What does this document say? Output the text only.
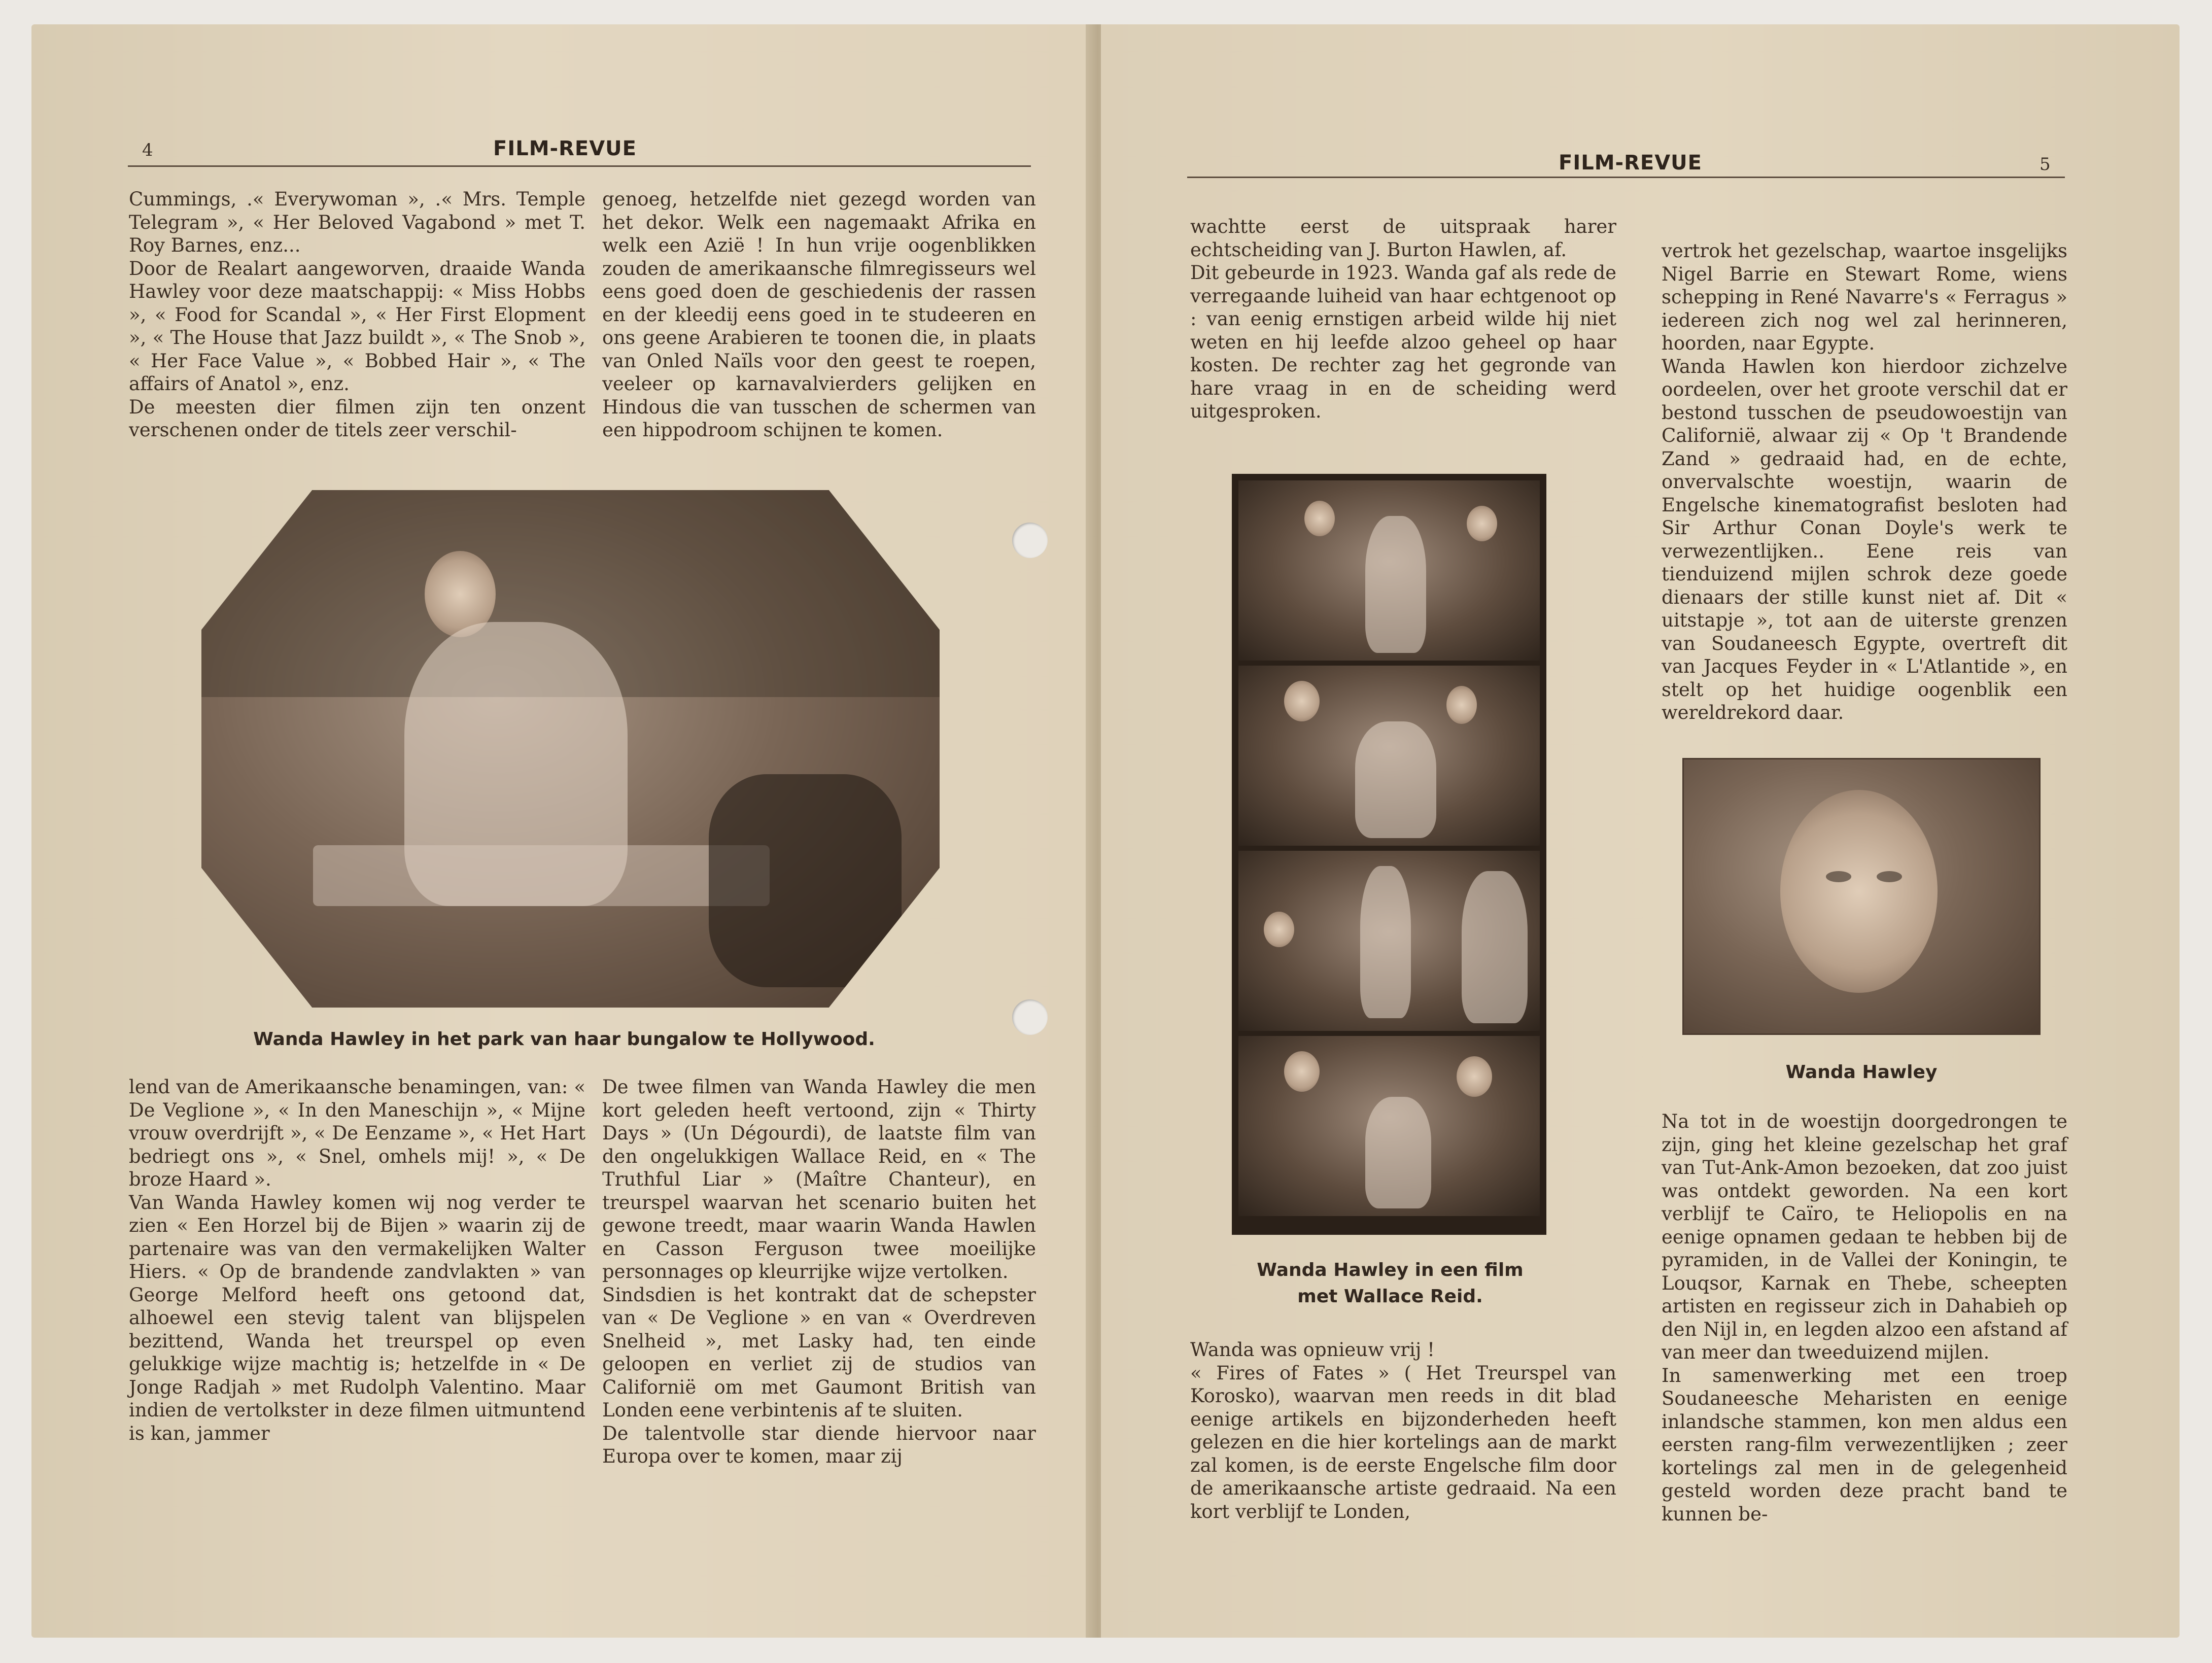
4	FILM-REVUE

Cummings, .« Everywoman », .« Mrs. Temple Telegram », « Her Beloved Vagabond » met T. Roy Barnes, enz...
Door de Realart aangeworven, draaide Wanda Hawley voor deze maatschappij: « Miss Hobbs », « Food for Scandal », « Her First Elopment », « The House that Jazz buildt », « The Snob », « Her Face Value », « Bobbed Hair », « The affairs of Anatol », enz.
De meesten dier filmen zijn ten onzent verschenen onder de titels zeer verschil-

genoeg, hetzelfde niet gezegd worden van het dekor. Welk een nagemaakt Afrika en welk een Azië ! In hun vrije oogenblikken zouden de amerikaansche filmregisseurs wel eens goed doen de geschiedenis der rassen en der kleedij eens goed in te studeeren en ons geene Arabieren te toonen die, in plaats van Onled Naïls voor den geest te roepen, veeleer op karnavalvierders gelijken en Hindous die van tusschen de schermen van een hippodroom schijnen te komen.

Wanda Hawley in het park van haar bungalow te Hollywood.

lend van de Amerikaansche benamingen, van: « De Veglione », « In den Maneschijn », « Mijne vrouw overdrijft », « De Eenzame », « Het Hart bedriegt ons », « Snel, omhels mij! », « De broze Haard ».
Van Wanda Hawley komen wij nog verder te zien « Een Horzel bij de Bijen » waarin zij de partenaire was van den vermakelijken Walter Hiers. « Op de brandende zandvlakten » van George Melford heeft ons getoond dat, alhoewel een stevig talent van blijspelen bezittend, Wanda het treurspel op even gelukkige wijze machtig is; hetzelfde in « De Jonge Radjah » met Rudolph Valentino. Maar indien de vertolkster in deze filmen uitmuntend is kan, jammer

De twee filmen van Wanda Hawley die men kort geleden heeft vertoond, zijn « Thirty Days » (Un Dégourdi), de laatste film van den ongelukkigen Wallace Reid, en « The Truthful Liar » (Maître Chanteur), en treurspel waarvan het scenario buiten het gewone treedt, maar waarin Wanda Hawlen en Casson Ferguson twee moeilijke personnages op kleurrijke wijze vertolken.
Sindsdien is het kontrakt dat de schepster van « De Veglione » en van « Overdreven Snelheid », met Lasky had, ten einde geloopen en verliet zij de studios van Californië om met Gaumont British van Londen eene verbintenis af te sluiten.
De talentvolle star diende hiervoor naar Europa over te komen, maar zij

FILM-REVUE	5

wachtte eerst de uitspraak harer echtscheiding van J. Burton Hawlen, af.
Dit gebeurde in 1923. Wanda gaf als rede de verregaande luiheid van haar echtgenoot op : van eenig ernstigen arbeid wilde hij niet weten en hij leefde alzoo geheel op haar kosten. De rechter zag het gegronde van hare vraag in en de scheiding werd uitgesproken.

Wanda Hawley in een film
met Wallace Reid.

Wanda was opnieuw vrij !
« Fires of Fates » ( Het Treurspel van Korosko), waarvan men reeds in dit blad eenige artikels en bijzonderheden heeft gelezen en die hier kortelings aan de markt zal komen, is de eerste Engelsche film door de amerikaansche artiste gedraaid. Na een kort verblijf te Londen,

vertrok het gezelschap, waartoe insgelijks Nigel Barrie en Stewart Rome, wiens schepping in René Navarre's « Ferragus » iedereen zich nog wel zal herinneren, hoorden, naar Egypte.
Wanda Hawlen kon hierdoor zichzelve oordeelen, over het groote verschil dat er bestond tusschen de pseudowoestijn van Californië, alwaar zij « Op 't Brandende Zand » gedraaid had, en de echte, onvervalschte woestijn, waarin de Engelsche kinematografist besloten had Sir Arthur Conan Doyle's werk te verwezentlijken.. Eene reis van tienduizend mijlen schrok deze goede dienaars der stille kunst niet af. Dit « uitstapje », tot aan de uiterste grenzen van Soudaneesch Egypte, overtreft dit van Jacques Feyder in « L'Atlantide », en stelt op het huidige oogenblik een wereldrekord daar.

Wanda Hawley

Na tot in de woestijn doorgedrongen te zijn, ging het kleine gezelschap het graf van Tut-Ank-Amon bezoeken, dat zoo juist was ontdekt geworden. Na een kort verblijf te Caïro, te Heliopolis en na eenige opnamen gedaan te hebben bij de pyramiden, in de Vallei der Koningin, te Louqsor, Karnak en Thebe, scheepten artisten en regisseur zich in Dahabieh op den Nijl in, en legden alzoo een afstand af van meer dan tweeduizend mijlen.
In samenwerking met een troep Soudaneesche Meharisten en eenige inlandsche stammen, kon men aldus een eersten rang-film verwezentlijken ; zeer kortelings zal men in de gelegenheid gesteld worden deze pracht band te kunnen be-
